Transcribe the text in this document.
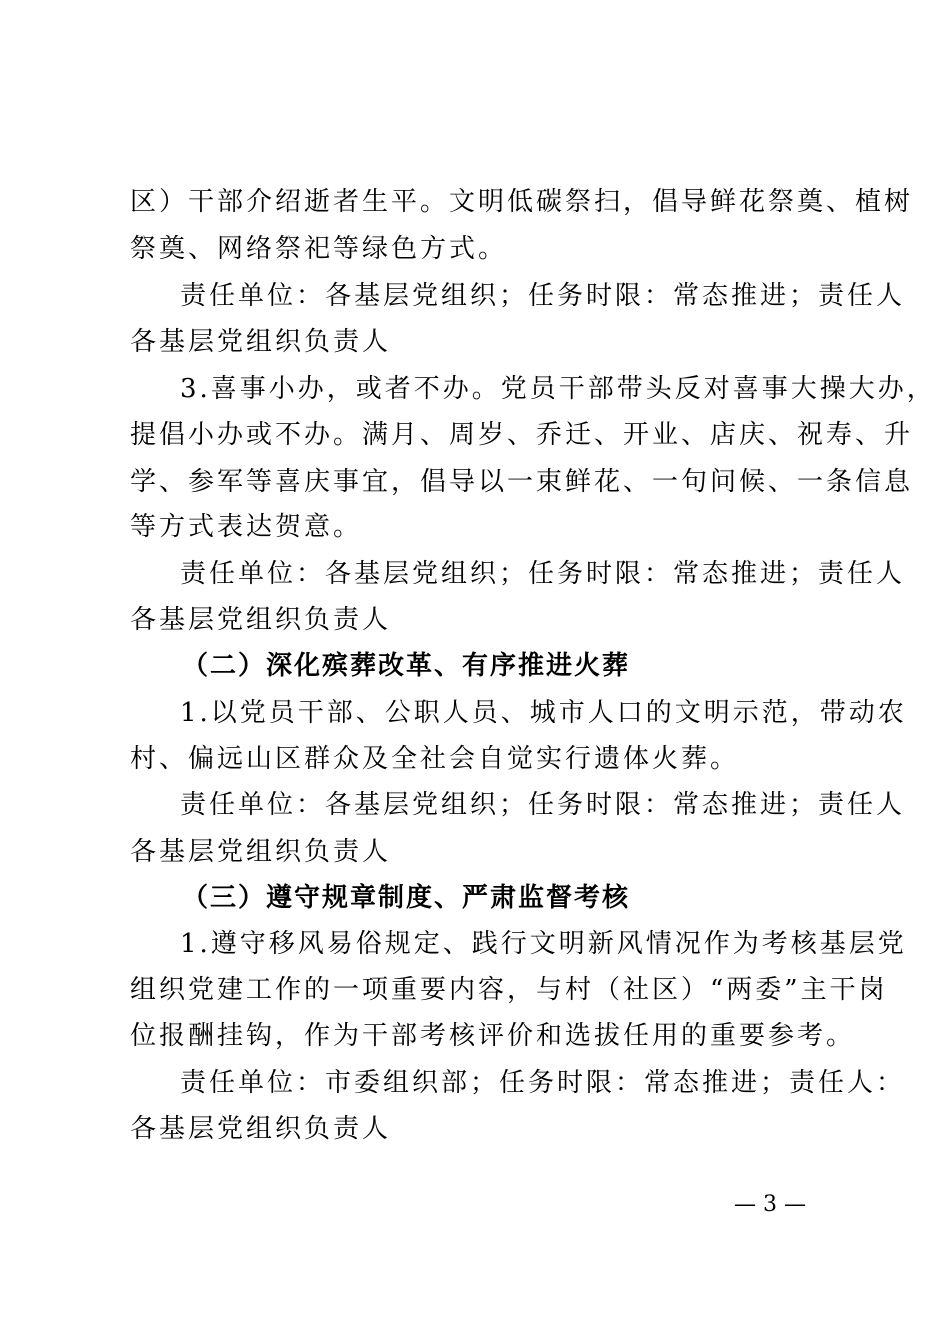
区）干部介绍逝者生平。文明低碳祭扫，倡导鲜花祭奠、植树
祭奠、网络祭祀等绿色方式。
责任单位：各基层党组织；任务时限：常态推进；责任人
各基层党组织负责人
3.喜事小办，或者不办。党员干部带头反对喜事大操大办，
提倡小办或不办。满月、周岁、乔迁、开业、店庆、祝寿、升
学、参军等喜庆事宜，倡导以一束鲜花、一句问候、一条信息
等方式表达贺意。
责任单位：各基层党组织；任务时限：常态推进；责任人
各基层党组织负责人
（二）深化殡葬改革、有序推进火葬
1.以党员干部、公职人员、城市人口的文明示范，带动农
村、偏远山区群众及全社会自觉实行遗体火葬。
责任单位：各基层党组织；任务时限：常态推进；责任人
各基层党组织负责人
（三）遵守规章制度、严肃监督考核
1.遵守移风易俗规定、践行文明新风情况作为考核基层党
组织党建工作的一项重要内容，与村（社区）“两委”主干岗
位报酬挂钩，作为干部考核评价和选拔任用的重要参考。
责任单位：市委组织部；任务时限：常态推进；责任人：
各基层党组织负责人
— 3 —
